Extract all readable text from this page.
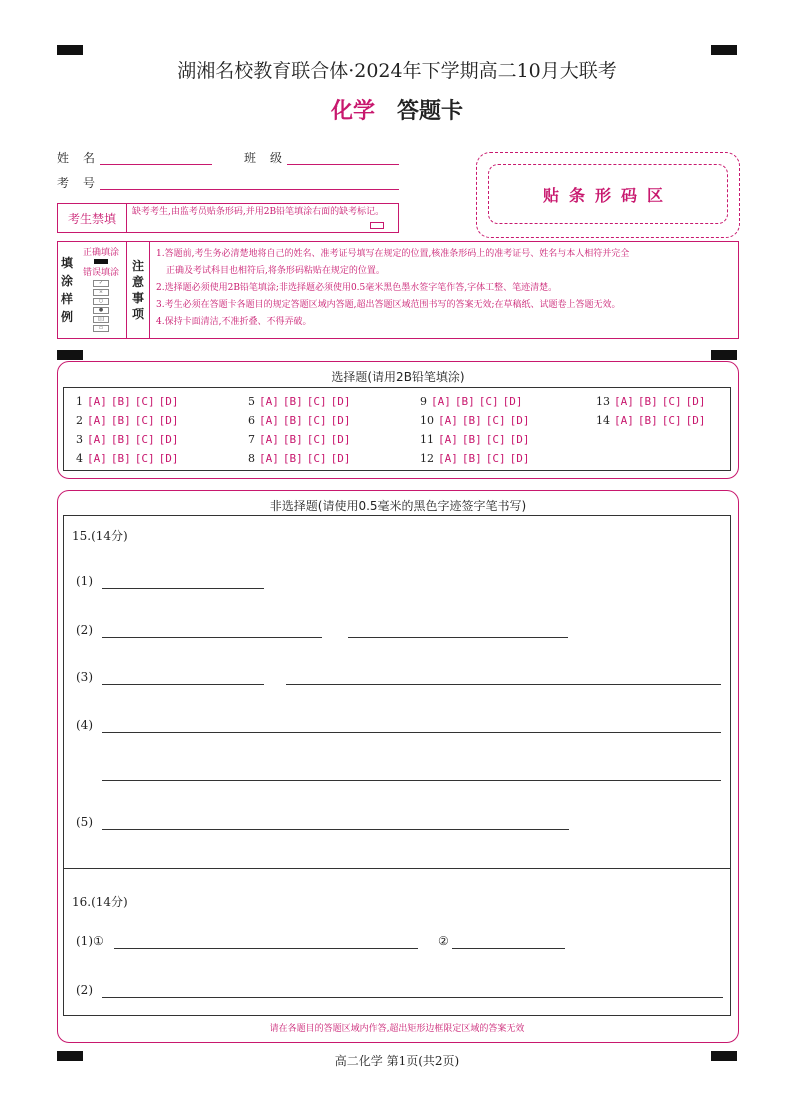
湖湘名校教育联合体·2024年下学期高二10月大联考
化学 答题卡
姓名	班级
考号
贴条形码区
考生禁填	缺考考生,由监考员贴条形码,并用2B铅笔填涂右面的缺考标记。
填
涂
样
例
正确填涂
错误填涂
✓
×
○
●
[|]
▭
注
意
事
项
1.答题前,考生务必清楚地将自己的姓名、准考证号填写在规定的位置,核准条形码上的准考证号、姓名与本人相符并完全
正确及考试科目也相符后,将条形码粘贴在规定的位置。
2.选择题必须使用2B铅笔填涂;非选择题必须使用0.5毫米黑色墨水签字笔作答,字体工整、笔迹清楚。
3.考生必须在答题卡各题目的规定答题区域内答题,超出答题区域范围书写的答案无效;在草稿纸、试题卷上答题无效。
4.保持卡面清洁,不准折叠、不得弄破。
选择题(请用2B铅笔填涂)
1 [A] [B] [C] [D]
2 [A] [B] [C] [D]
3 [A] [B] [C] [D]
4 [A] [B] [C] [D]
5 [A] [B] [C] [D]
6 [A] [B] [C] [D]
7 [A] [B] [C] [D]
8 [A] [B] [C] [D]
9 [A] [B] [C] [D]
10 [A] [B] [C] [D]
11 [A] [B] [C] [D]
12 [A] [B] [C] [D]
13 [A] [B] [C] [D]
14 [A] [B] [C] [D]
非选择题(请使用0.5毫米的黑色字迹签字笔书写)
15.(14分)
(1)
(2)
(3)
(4)
(5)
16.(14分)
(1)①	②
(2)
请在各题目的答题区域内作答,超出矩形边框限定区域的答案无效
高二化学 第1页(共2页)
